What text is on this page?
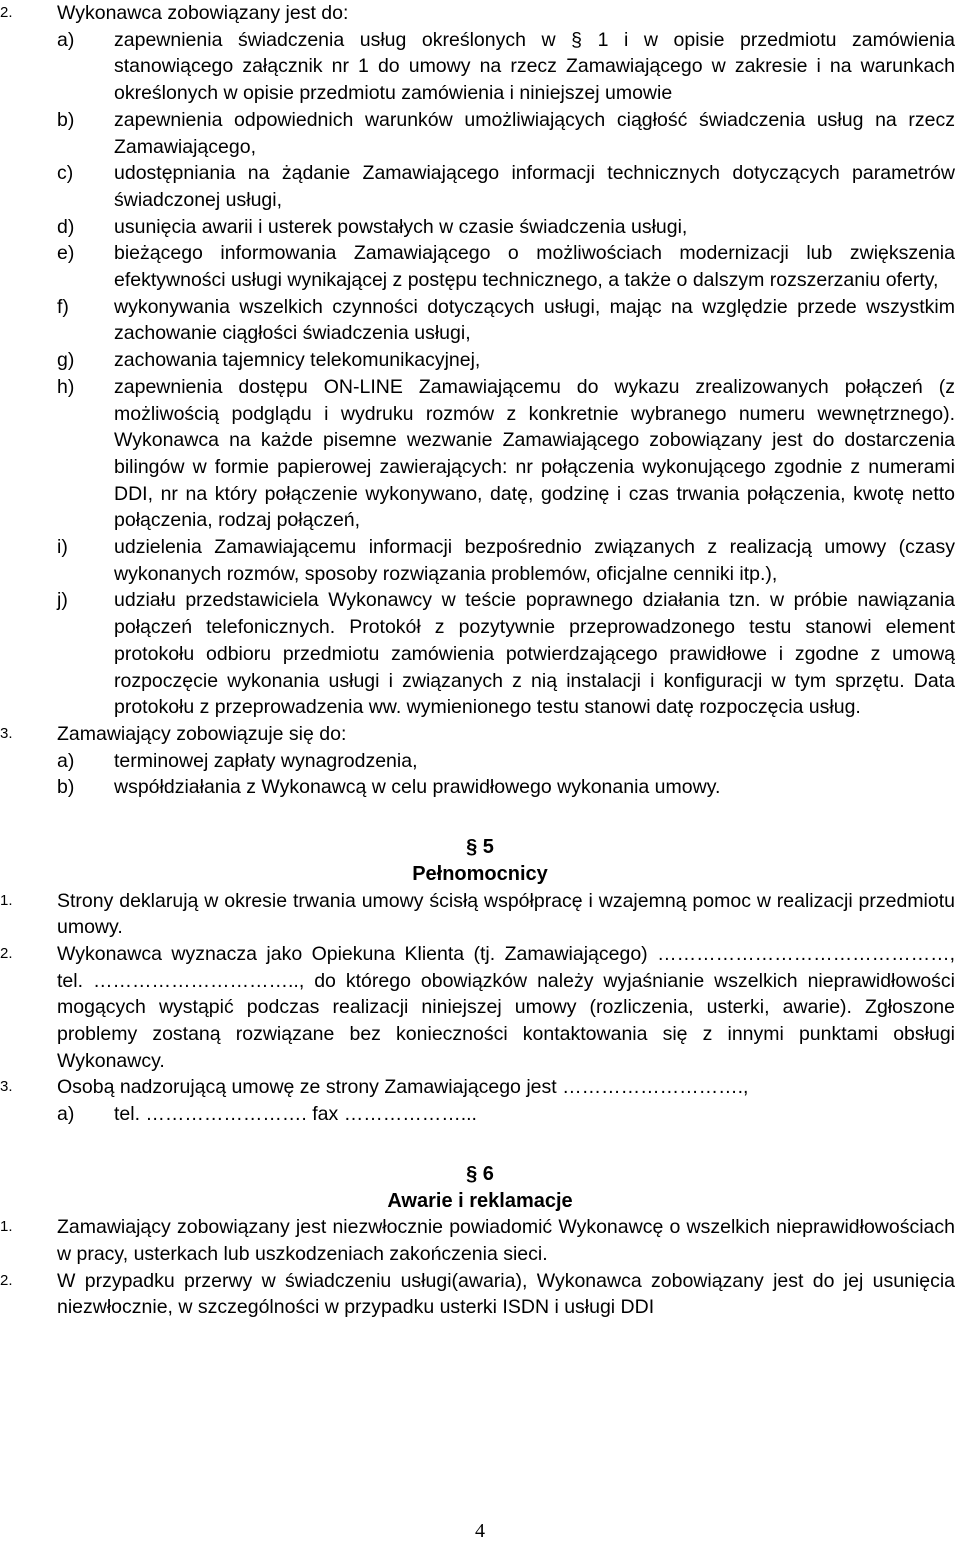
2. Wykonawca zobowiązany jest do:
a) zapewnienia świadczenia usług określonych w § 1 i w opisie przedmiotu zamówienia stanowiącego załącznik nr 1 do umowy na rzecz Zamawiającego w zakresie i na warunkach określonych w opisie przedmiotu zamówienia i niniejszej umowie
b) zapewnienia odpowiednich warunków umożliwiających ciągłość świadczenia usług na rzecz Zamawiającego,
c) udostępniania na żądanie Zamawiającego informacji technicznych dotyczących parametrów świadczonej usługi,
d) usunięcia awarii i usterek powstałych w czasie świadczenia usługi,
e) bieżącego informowania Zamawiającego o możliwościach modernizacji lub zwiększenia efektywności usługi wynikającej z postępu technicznego, a także o dalszym rozszerzaniu oferty,
f) wykonywania wszelkich czynności dotyczących usługi, mając na względzie przede wszystkim zachowanie ciągłości świadczenia usługi,
g) zachowania tajemnicy telekomunikacyjnej,
h) zapewnienia dostępu ON-LINE Zamawiającemu do wykazu zrealizowanych połączeń (z możliwością podglądu i wydruku rozmów z konkretnie wybranego numeru wewnętrznego). Wykonawca na każde pisemne wezwanie Zamawiającego zobowiązany jest do dostarczenia bilingów w formie papierowej zawierających: nr połączenia wykonującego zgodnie z numerami DDI, nr na który połączenie wykonywano, datę, godzinę i czas trwania połączenia, kwotę netto połączenia, rodzaj połączeń,
i) udzielenia Zamawiającemu informacji bezpośrednio związanych z realizacją umowy (czasy wykonanych rozmów, sposoby rozwiązania problemów, oficjalne cenniki itp.),
j) udziału przedstawiciela Wykonawcy w teście poprawnego działania tzn. w próbie nawiązania połączeń telefonicznych. Protokół z pozytywnie przeprowadzonego testu stanowi element protokołu odbioru przedmiotu zamówienia potwierdzającego prawidłowe i zgodne z umową rozpoczęcie wykonania usługi i związanych z nią instalacji i konfiguracji w tym sprzętu. Data protokołu z przeprowadzenia ww. wymienionego testu stanowi datę rozpoczęcia usług.
3. Zamawiający zobowiązuje się do:
a) terminowej zapłaty wynagrodzenia,
b) współdziałania z Wykonawcą w celu prawidłowego wykonania umowy.
§ 5
Pełnomocnicy
1. Strony deklarują w okresie trwania umowy ścisłą współpracę i wzajemną pomoc w realizacji przedmiotu umowy.
2. Wykonawca wyznacza jako Opiekuna Klienta (tj. Zamawiającego) ………………………………………, tel. ………………………….., do którego obowiązków należy wyjaśnianie wszelkich nieprawidłowości mogących wystąpić podczas realizacji niniejszej umowy (rozliczenia, usterki, awarie). Zgłoszone problemy zostaną rozwiązane bez konieczności kontaktowania się z innymi punktami obsługi Wykonawcy.
3. Osobą nadzorującą umowę ze strony Zamawiającego jest ……………………….,
a) tel. ……………………. fax ………………...
§ 6
Awarie i reklamacje
1. Zamawiający zobowiązany jest niezwłocznie powiadomić Wykonawcę o wszelkich nieprawidłowościach w pracy, usterkach lub uszkodzeniach zakończenia sieci.
2. W przypadku przerwy w świadczeniu usługi(awaria), Wykonawca zobowiązany jest do jej usunięcia niezwłocznie, w szczególności w przypadku usterki ISDN i usługi DDI
4
